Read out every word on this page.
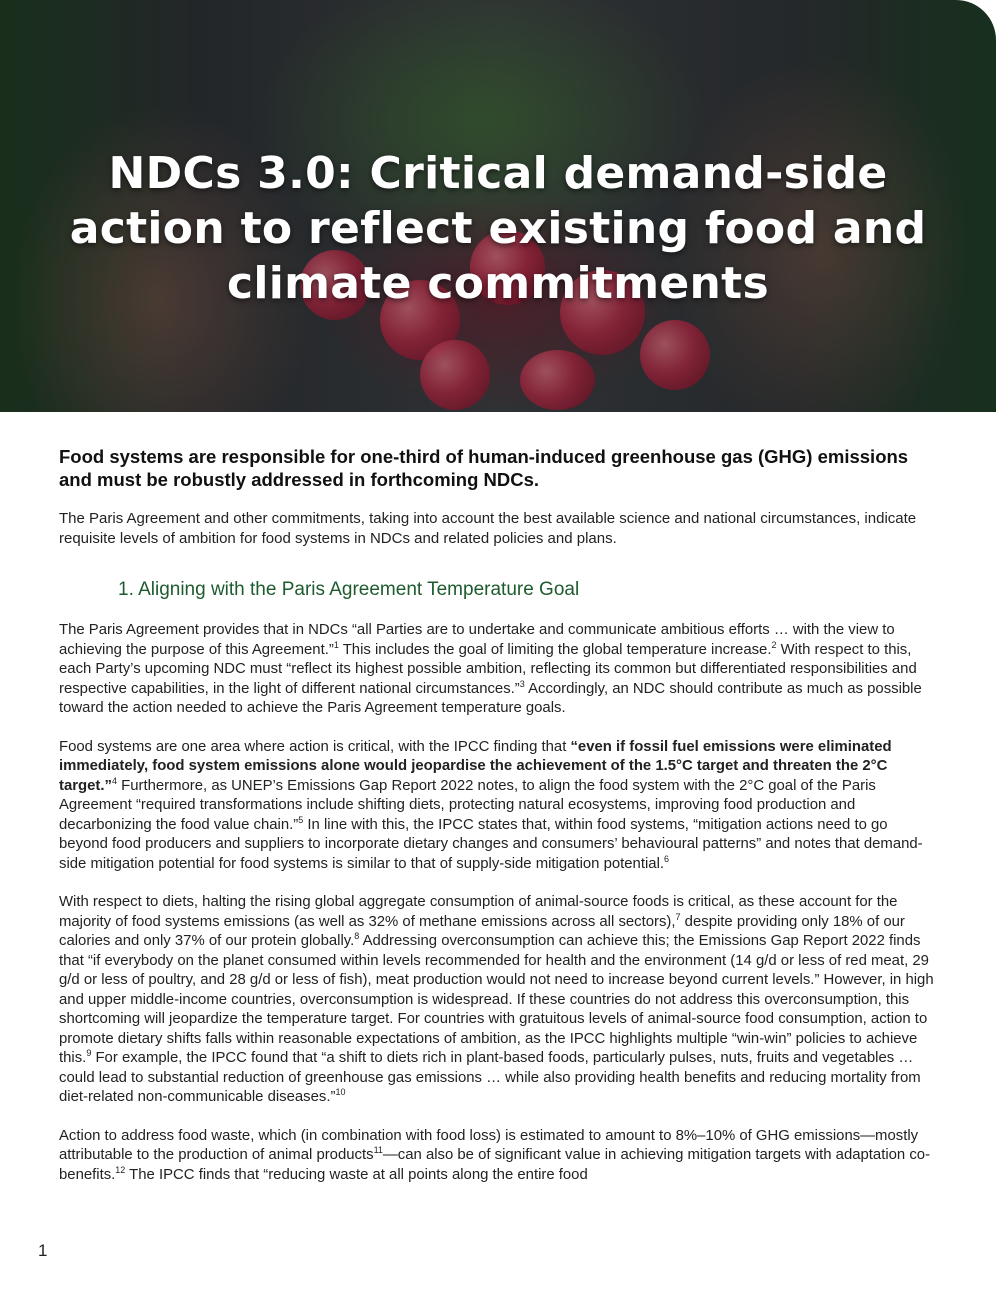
NDCs 3.0: Critical demand-side action to reflect existing food and climate commitments

Food systems are responsible for one-third of human-induced greenhouse gas (GHG) emissions and must be robustly addressed in forthcoming NDCs.

The Paris Agreement and other commitments, taking into account the best available science and national circumstances, indicate requisite levels of ambition for food systems in NDCs and related policies and plans.

1. Aligning with the Paris Agreement Temperature Goal

The Paris Agreement provides that in NDCs “all Parties are to undertake and communicate ambitious efforts … with the view to achieving the purpose of this Agreement.”$^1$ This includes the goal of limiting the global temperature increase.$^2$ With respect to this, each Party’s upcoming NDC must “reflect its highest possible ambition, reflecting its common but differentiated responsibilities and respective capabilities, in the light of different national circumstances.”$^3$ Accordingly, an NDC should contribute as much as possible toward the action needed to achieve the Paris Agreement temperature goals.

Food systems are one area where action is critical, with the IPCC finding that “even if fossil fuel emissions were eliminated immediately, food system emissions alone would jeopardise the achievement of the 1.5°C target and threaten the 2°C target.”$^4$ Furthermore, as UNEP’s Emissions Gap Report 2022 notes, to align the food system with the 2°C goal of the Paris Agreement “required transformations include shifting diets, protecting natural ecosystems, improving food production and decarbonizing the food value chain.”$^5$ In line with this, the IPCC states that, within food systems, “mitigation actions need to go beyond food producers and suppliers to incorporate dietary changes and consumers’ behavioural patterns” and notes that demand-side mitigation potential for food systems is similar to that of supply-side mitigation potential.$^6$

With respect to diets, halting the rising global aggregate consumption of animal-source foods is critical, as these account for the majority of food systems emissions (as well as 32% of methane emissions across all sectors),$^7$ despite providing only 18% of our calories and only 37% of our protein globally.$^8$ Addressing overconsumption can achieve this; the Emissions Gap Report 2022 finds that “if everybody on the planet consumed within levels recommended for health and the environment (14 g/d or less of red meat, 29 g/d or less of poultry, and 28 g/d or less of fish), meat production would not need to increase beyond current levels.” However, in high and upper middle-income countries, overconsumption is widespread. If these countries do not address this overconsumption, this shortcoming will jeopardize the temperature target. For countries with gratuitous levels of animal-source food consumption, action to promote dietary shifts falls within reasonable expectations of ambition, as the IPCC highlights multiple “win-win” policies to achieve this.$^9$ For example, the IPCC found that “a shift to diets rich in plant-based foods, particularly pulses, nuts, fruits and vegetables … could lead to substantial reduction of greenhouse gas emissions … while also providing health benefits and reducing mortality from diet-related non-communicable diseases.”$^{10}$

Action to address food waste, which (in combination with food loss) is estimated to amount to 8%–10% of GHG emissions—mostly attributable to the production of animal products$^{11}$—can also be of significant value in achieving mitigation targets with adaptation co-benefits.$^{12}$ The IPCC finds that “reducing waste at all points along the entire food

1
